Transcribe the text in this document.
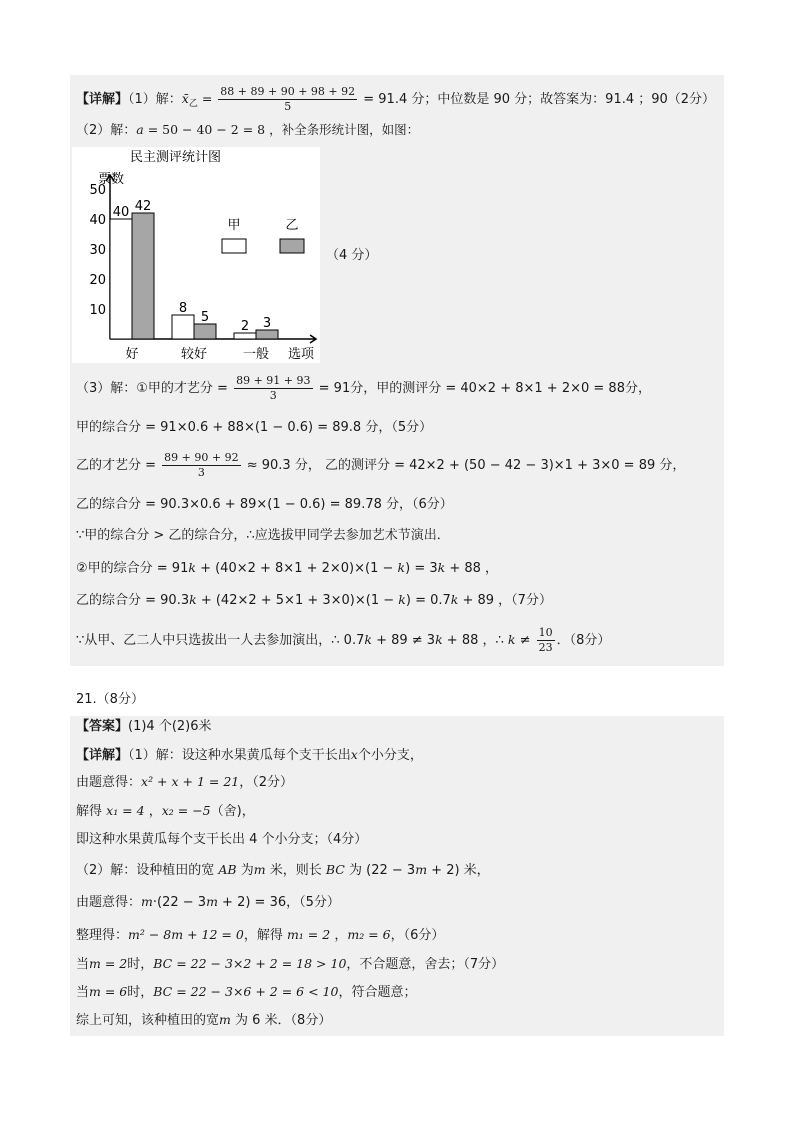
【详解】（1）解：$x̄_乙 = \frac{88 + 89 + 90 + 98 + 92}{5} = 91.4$ 分；中位数是 90 分；故答案为：91.4 ；90（2分）
（2）解：a = 50 − 40 − 2 = 8 ，补全条形统计图，如图：
民主测评统计图
票数
选项
10
20
30
40
50
40 42
8
5
2 3
好	较好	一般
甲	乙
（4 分）
（3）解：①甲的才艺分 = $\frac{89 + 91 + 93}{3} = 91$分，甲的测评分 = 40×2 + 8×1 + 2×0 = 88分，
甲的综合分 = 91×0.6 + 88×(1 − 0.6) = 89.8 分，（5分）
乙的才艺分 = $\frac{89 + 90 + 92}{3} \approx 90.3$ 分， 乙的测评分 = 42×2 + (50 − 42 − 3)×1 + 3×0 = 89 分，
乙的综合分 = 90.3×0.6 + 89×(1 − 0.6) = 89.78 分，（6分）
∵甲的综合分 > 乙的综合分，∴应选拔甲同学去参加艺术节演出．
②甲的综合分 = 91k + (40×2 + 8×1 + 2×0)×(1 − k) = 3k + 88 ，
乙的综合分 = 90.3k + (42×2 + 5×1 + 3×0)×(1 − k) = 0.7k + 89 ，（7分）
∵从甲、乙二人中只选拔出一人去参加演出，∴ 0.7k + 89 ≠ 3k + 88 ，∴ $k \ne \frac{10}{23}$ ．（8分）
21.（8分）
【答案】(1)4 个(2)6米
【详解】（1）解：设这种水果黄瓜每个支干长出x个小分支，
由题意得：x² + x + 1 = 21，（2分）
解得 x₁ = 4 ，x₂ = −5（舍)，
即这种水果黄瓜每个支干长出 4 个小分支；（4分）
（2）解：设种植田的宽 AB 为m 米，则长 BC 为 (22 − 3m + 2) 米，
由题意得：m·(22 − 3m + 2) = 36，（5分）
整理得：m² − 8m + 12 = 0，解得 m₁ = 2 ，m₂ = 6，（6分）
当m = 2时，BC = 22 − 3×2 + 2 = 18 > 10，不合题意，舍去；（7分）
当m = 6时，BC = 22 − 3×6 + 2 = 6 < 10，符合题意；
综上可知，该种植田的宽m 为 6 米．（8分）
